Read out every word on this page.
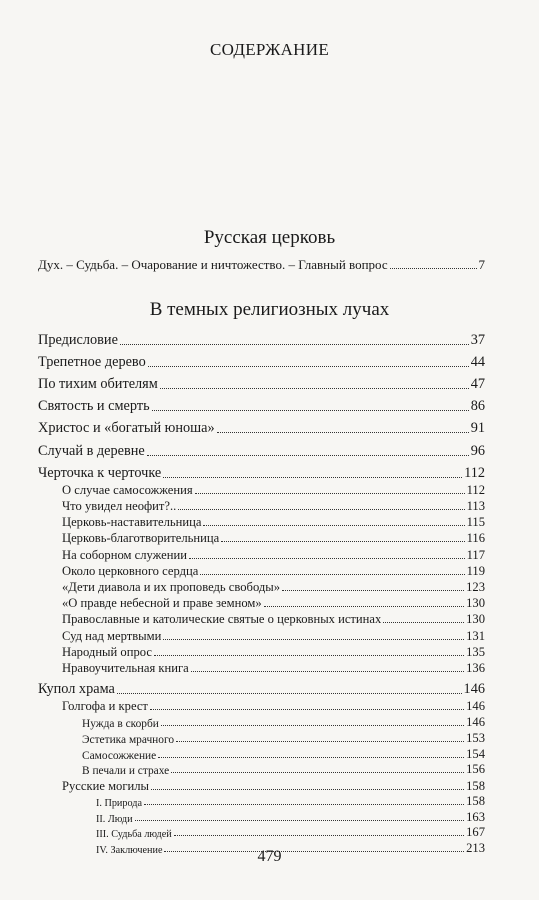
СОДЕРЖАНИЕ
Русская церковь
Дух. – Судьба. – Очарование и ничтожество. – Главный вопрос	7
В темных религиозных лучах
Предисловие	37
Трепетное дерево	44
По тихим обителям	47
Святость и смерть	86
Христос и «богатый юноша»	91
Случай в деревне	96
Черточка к черточке	112
О случае самосожжения	112
Что увидел неофит?..	113
Церковь-наставительница	115
Церковь-благотворительница	116
На соборном служении	117
Около церковного сердца	119
«Дети диавола и их проповедь свободы»	123
«О правде небесной и праве земном»	130
Православные и католические святые о церковных истинах	130
Суд над мертвыми	131
Народный опрос	135
Нравоучительная книга	136
Купол храма	146
Голгофа и крест	146
Нужда в скорби	146
Эстетика мрачного	153
Самосожжение	154
В печали и страхе	156
Русские могилы	158
I. Природа	158
II. Люди	163
III. Судьба людей	167
IV. Заключение	213
479
